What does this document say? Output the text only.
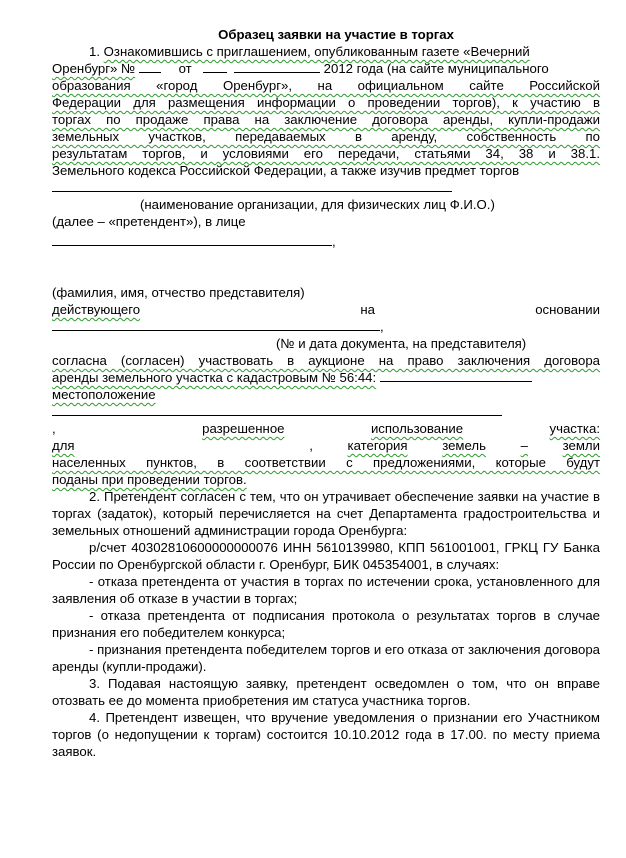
Образец заявки на участие в торгах
1. Ознакомившись с приглашением, опубликованным газете «Вечерний
Оренбург» №	от	2012 года (на сайте муниципального
образования «город Оренбург», на официальном сайте Российской
Федерации для размещения информации о проведении торгов), к участию в
торгах по продаже права на заключение договора аренды, купли-продажи
земельных участков, передаваемых в аренду, собственность по
результатам торгов, и условиями его передачи, статьями 34, 38 и 38.1.
Земельного кодекса Российской Федерации, а также изучив предмет торгов
(наименование организации, для физических лиц Ф.И.О.)
(далее – «претендент»), в лице
,
(фамилия, имя, отчество представителя)
действующего	на	основании
,
(№ и дата документа, на представителя)
согласна (согласен) участвовать в аукционе на право заключения договора
аренды земельного участка с кадастровым № 56:44:
местоположение
,	разрешенное	использование	участка:
для	,	категория	земель	–	земли
населенных пунктов, в соответствии с предложениями, которые будут
поданы при проведении торгов.
2. Претендент согласен с тем, что он утрачивает обеспечение заявки на участие в торгах (задаток), который перечисляется на счет Департамента градостроительства и земельных отношений администрации города Оренбурга:
р/счет 40302810600000000076 ИНН 5610139980, КПП 561001001, ГРКЦ ГУ Банка России по Оренбургской области г. Оренбург, БИК 045354001, в случаях:
- отказа претендента от участия в торгах по истечении срока, установленного для заявления об отказе в участии в торгах;
- отказа претендента от подписания протокола о результатах торгов в случае признания его победителем конкурса;
- признания претендента победителем торгов и его отказа от заключения договора аренды (купли-продажи).
3. Подавая настоящую заявку, претендент осведомлен о том, что он вправе отозвать ее до момента приобретения им статуса участника торгов.
4. Претендент извещен, что вручение уведомления о признании его Участником торгов (о недопущении к торгам) состоится 10.10.2012 года в 17.00. по месту приема заявок.
